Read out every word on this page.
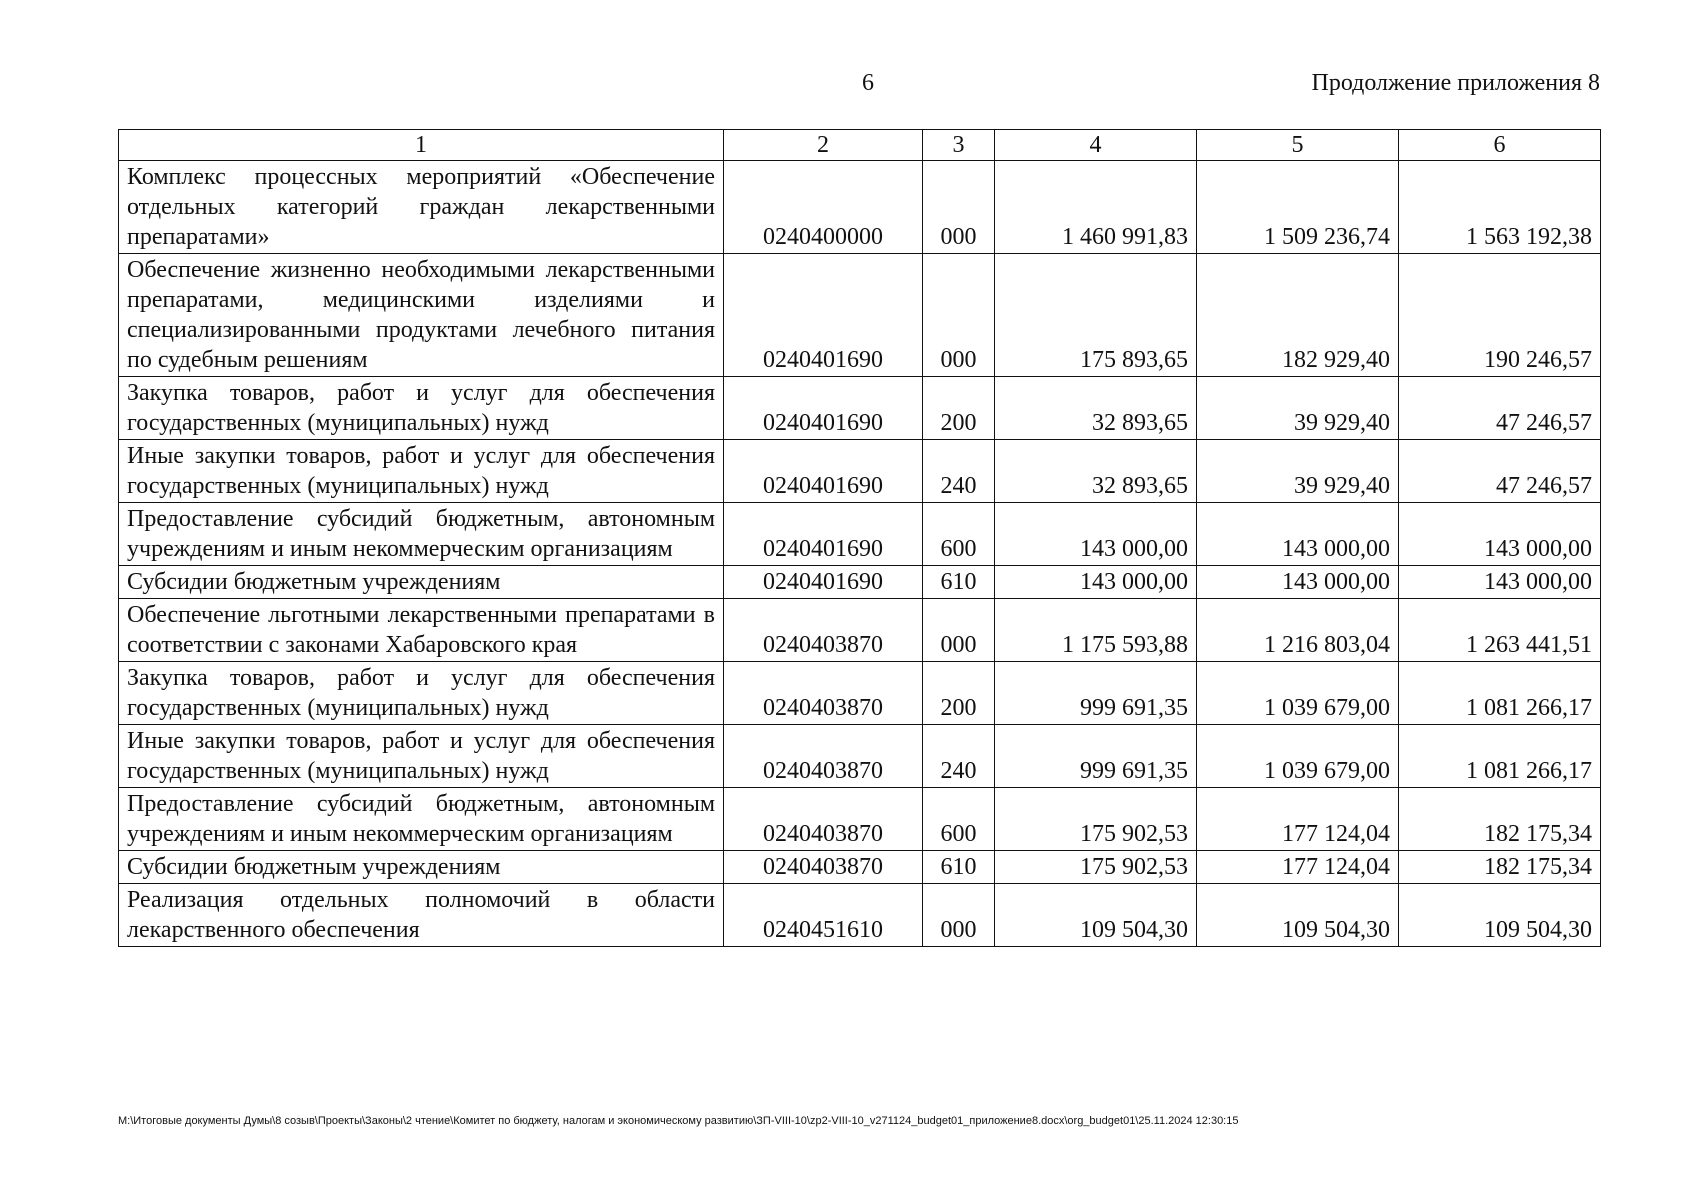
6	Продолжение приложения 8
1	2	3	4	5	6
Комплекс процессных мероприятий «Обеспечение отдельных категорий граждан лекарственными препаратами»	0240400000	000	1 460 991,83	1 509 236,74	1 563 192,38
Обеспечение жизненно необходимыми лекарственными препаратами, медицинскими изделиями и специализированными продуктами лечебного питания по судебным решениям	0240401690	000	175 893,65	182 929,40	190 246,57
Закупка товаров, работ и услуг для обеспечения государственных (муниципальных) нужд	0240401690	200	32 893,65	39 929,40	47 246,57
Иные закупки товаров, работ и услуг для обеспечения государственных (муниципальных) нужд	0240401690	240	32 893,65	39 929,40	47 246,57
Предоставление субсидий бюджетным, автономным учреждениям и иным некоммерческим организациям	0240401690	600	143 000,00	143 000,00	143 000,00
Субсидии бюджетным учреждениям	0240401690	610	143 000,00	143 000,00	143 000,00
Обеспечение льготными лекарственными препаратами в соответствии с законами Хабаровского края	0240403870	000	1 175 593,88	1 216 803,04	1 263 441,51
Закупка товаров, работ и услуг для обеспечения государственных (муниципальных) нужд	0240403870	200	999 691,35	1 039 679,00	1 081 266,17
Иные закупки товаров, работ и услуг для обеспечения государственных (муниципальных) нужд	0240403870	240	999 691,35	1 039 679,00	1 081 266,17
Предоставление субсидий бюджетным, автономным учреждениям и иным некоммерческим организациям	0240403870	600	175 902,53	177 124,04	182 175,34
Субсидии бюджетным учреждениям	0240403870	610	175 902,53	177 124,04	182 175,34
Реализация отдельных полномочий в области лекарственного обеспечения	0240451610	000	109 504,30	109 504,30	109 504,30
M:\Итоговые документы Думы\8 созыв\Проекты\Законы\2 чтение\Комитет по бюджету, налогам и экономическому развитию\ЗП-VIII-10\zp2-VIII-10_v271124_budget01_приложение8.docx\org_budget01\25.11.2024 12:30:15
